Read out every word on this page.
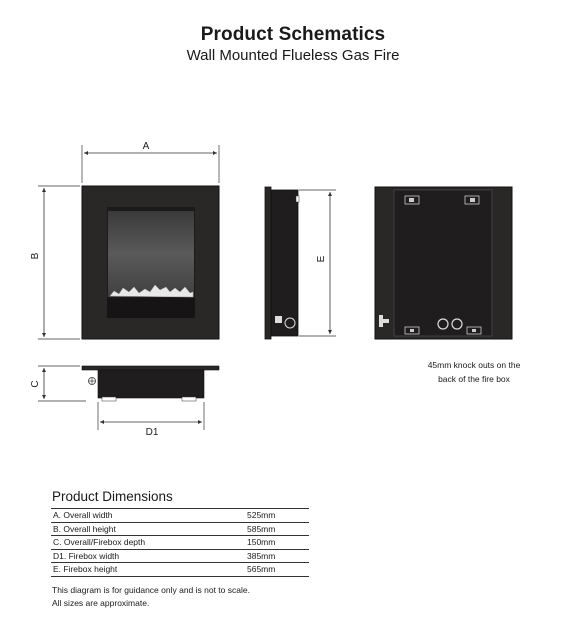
Product Schematics
Wall Mounted Flueless Gas Fire
A
B	E
C
D1
45mm knock outs on the back of the fire box
Product Dimensions
A. Overall width	525mm
B. Overall height	585mm
C. Overall/Firebox depth	150mm
D1. Firebox width	385mm
E. Firebox height	565mm
This diagram is for guidance only and is not to scale.
All sizes are approximate.
